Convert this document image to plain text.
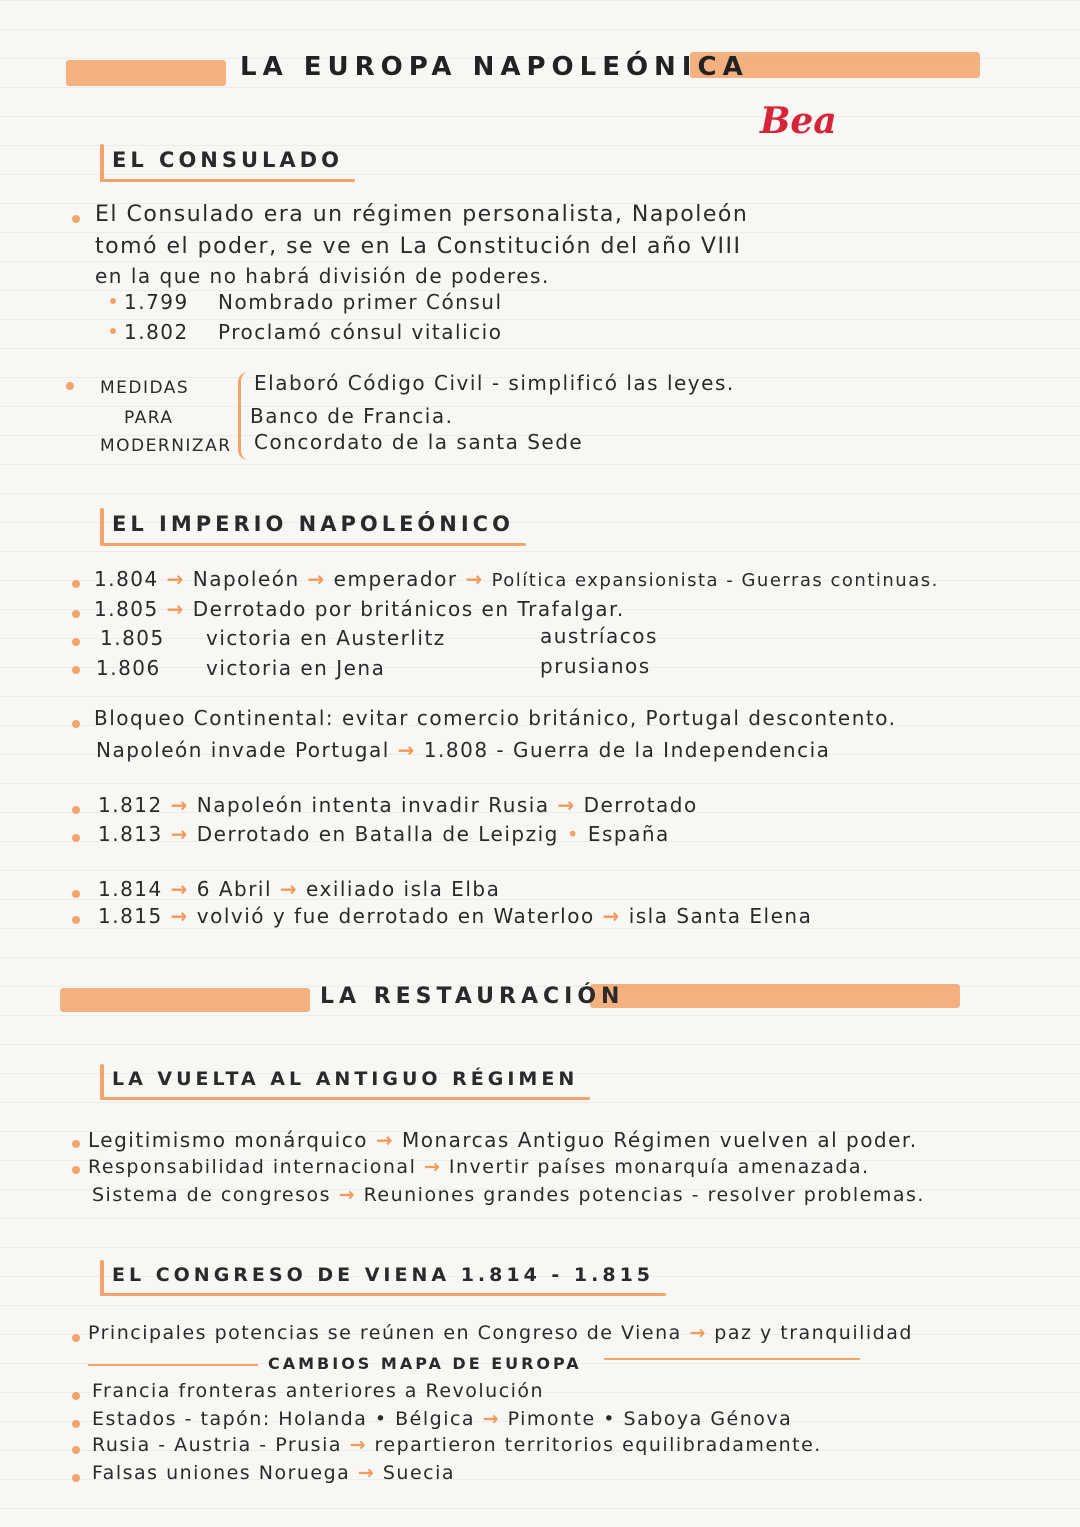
LA EUROPA NAPOLEÓNICA
Bea
EL CONSULADO
El Consulado era un régimen personalista, Napoleón
tomó el poder, se ve en La Constitución del año VIII
en la que no habrá división de poderes.
1.799 Nombrado primer Cónsul
1.802 Proclamó cónsul vitalicio
MEDIDAS
PARA
MODERNIZAR
Elaboró Código Civil - simplificó las leyes.
Banco de Francia.
Concordato de la santa Sede
EL IMPERIO NAPOLEÓNICO
1.804 → Napoleón → emperador → Política expansionista - Guerras continuas.
1.805 → Derrotado por británicos en Trafalgar.
1.805 victoria en Austerlitz	austríacos
1.806 victoria en Jena	prusianos
Bloqueo Continental: evitar comercio británico, Portugal descontento.
Napoleón invade Portugal → 1.808 - Guerra de la Independencia
1.812 → Napoleón intenta invadir Rusia → Derrotado
1.813 → Derrotado en Batalla de Leipzig • España
1.814 → 6 Abril → exiliado isla Elba
1.815 → volvió y fue derrotado en Waterloo → isla Santa Elena
LA RESTAURACIÓN
LA VUELTA AL ANTIGUO RÉGIMEN
Legitimismo monárquico → Monarcas Antiguo Régimen vuelven al poder.
Responsabilidad internacional → Invertir países monarquía amenazada.
Sistema de congresos → Reuniones grandes potencias - resolver problemas.
EL CONGRESO DE VIENA 1.814 - 1.815
Principales potencias se reúnen en Congreso de Viena → paz y tranquilidad
CAMBIOS MAPA DE EUROPA
Francia fronteras anteriores a Revolución
Estados - tapón: Holanda • Bélgica → Pimonte • Saboya Génova
Rusia - Austria - Prusia → repartieron territorios equilibradamente.
Falsas uniones Noruega → Suecia
